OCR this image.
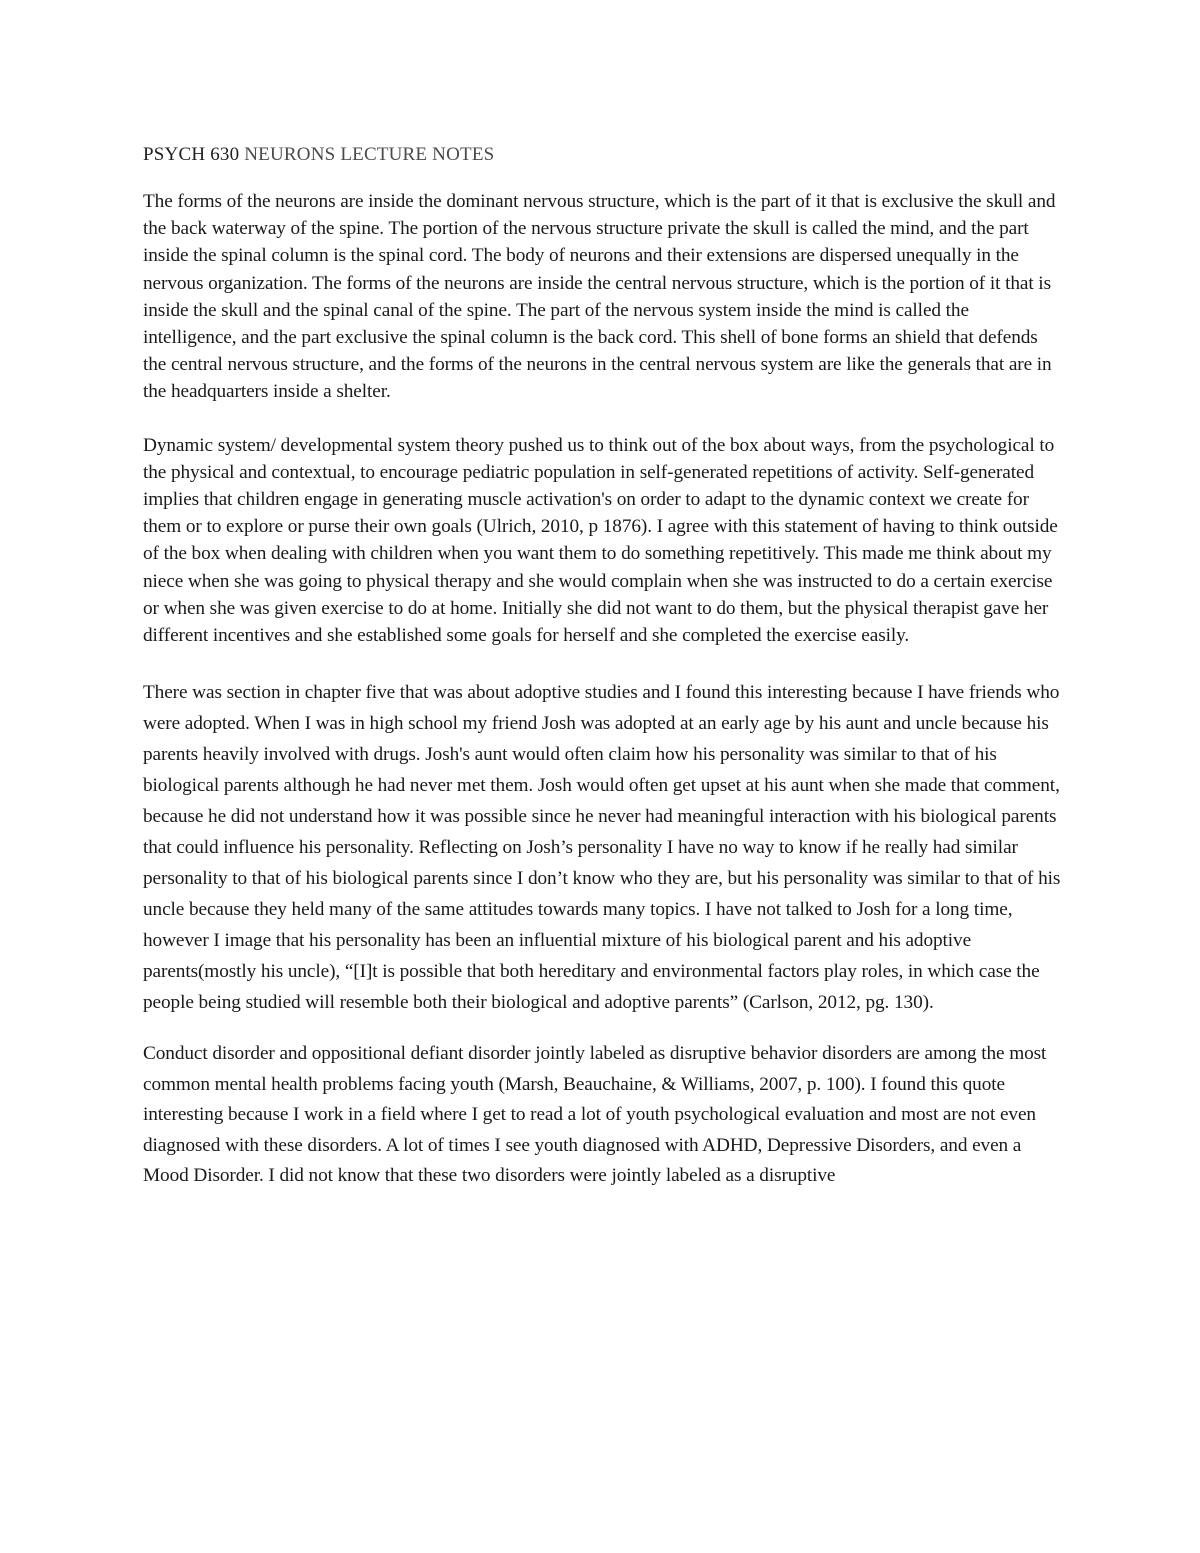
PSYCH 630 NEURONS LECTURE NOTES

The forms of the neurons are inside the dominant nervous structure, which is the part of it that is exclusive the skull and the back waterway of the spine. The portion of the nervous structure private the skull is called the mind, and the part inside the spinal column is the spinal cord. The body of neurons and their extensions are dispersed unequally in the nervous organization. The forms of the neurons are inside the central nervous structure, which is the portion of it that is inside the skull and the spinal canal of the spine. The part of the nervous system inside the mind is called the intelligence, and the part exclusive the spinal column is the back cord. This shell of bone forms an shield that defends the central nervous structure, and the forms of the neurons in the central nervous system are like the generals that are in the headquarters inside a shelter.

Dynamic system/ developmental system theory pushed us to think out of the box about ways, from the psychological to the physical and contextual, to encourage pediatric population in self-generated repetitions of activity. Self-generated implies that children engage in generating muscle activation's on order to adapt to the dynamic context we create for them or to explore or purse their own goals (Ulrich, 2010, p 1876). I agree with this statement of having to think outside of the box when dealing with children when you want them to do something repetitively. This made me think about my niece when she was going to physical therapy and she would complain when she was instructed to do a certain exercise or when she was given exercise to do at home. Initially she did not want to do them, but the physical therapist gave her different incentives and she established some goals for herself and she completed the exercise easily.

There was section in chapter five that was about adoptive studies and I found this interesting because I have friends who were adopted. When I was in high school my friend Josh was adopted at an early age by his aunt and uncle because his parents heavily involved with drugs. Josh's aunt would often claim how his personality was similar to that of his biological parents although he had never met them. Josh would often get upset at his aunt when she made that comment, because he did not understand how it was possible since he never had meaningful interaction with his biological parents that could influence his personality. Reflecting on Josh’s personality I have no way to know if he really had similar personality to that of his biological parents since I don’t know who they are, but his personality was similar to that of his uncle because they held many of the same attitudes towards many topics. I have not talked to Josh for a long time, however I image that his personality has been an influential mixture of his biological parent and his adoptive parents(mostly his uncle), “[I]t is possible that both hereditary and environmental factors play roles, in which case the people being studied will resemble both their biological and adoptive parents” (Carlson, 2012, pg. 130).

Conduct disorder and oppositional defiant disorder jointly labeled as disruptive behavior disorders are among the most common mental health problems facing youth (Marsh, Beauchaine, & Williams, 2007, p. 100). I found this quote interesting because I work in a field where I get to read a lot of youth psychological evaluation and most are not even diagnosed with these disorders. A lot of times I see youth diagnosed with ADHD, Depressive Disorders, and even a Mood Disorder. I did not know that these two disorders were jointly labeled as a disruptive
